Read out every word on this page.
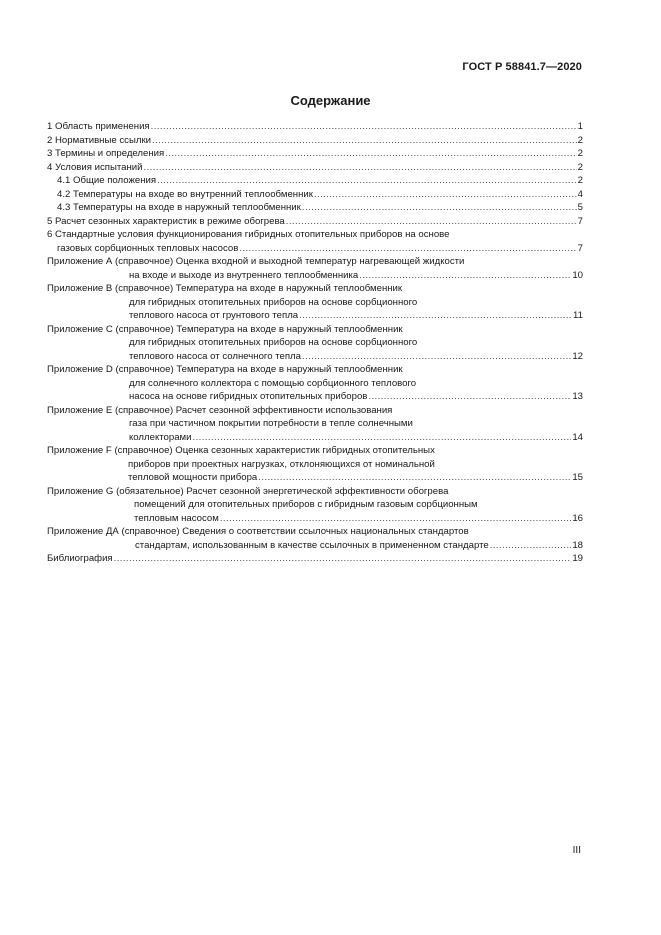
ГОСТ Р 58841.7—2020
Содержание
1 Область применения .....	1
2 Нормативные ссылки .....	2
3 Термины и определения .....	2
4 Условия испытаний .....	2
4.1 Общие положения .....	2
4.2 Температуры на входе во внутренний теплообменник .....	4
4.3 Температуры на входе в наружный теплообменник .....	5
5 Расчет сезонных характеристик в режиме обогрева .....	7
6 Стандартные условия функционирования гибридных отопительных приборов на основе
газовых сорбционных тепловых насосов .....	7
Приложение А (справочное) Оценка входной и выходной температур нагревающей жидкости
на входе и выходе из внутреннего теплообменника .....	10
Приложение В (справочное) Температура на входе в наружный теплообменник
для гибридных отопительных приборов на основе сорбционного
теплового насоса от грунтового тепла .....	11
Приложение С (справочное) Температура на входе в наружный теплообменник
для гибридных отопительных приборов на основе сорбционного
теплового насоса от солнечного тепла .....	12
Приложение D (справочное) Температура на входе в наружный теплообменник
для солнечного коллектора с помощью сорбционного теплового
насоса на основе гибридных отопительных приборов .....	13
Приложение Е (справочное) Расчет сезонной эффективности использования
газа при частичном покрытии потребности в тепле солнечными
коллекторами .....	14
Приложение F (справочное) Оценка сезонных характеристик гибридных отопительных
приборов при проектных нагрузках, отклоняющихся от номинальной
тепловой мощности прибора .....	15
Приложение G (обязательное) Расчет сезонной энергетической эффективности обогрева
помещений для отопительных приборов с гибридным газовым сорбционным
тепловым насосом .....	16
Приложение ДА (справочное) Сведения о соответствии ссылочных национальных стандартов
стандартам, использованным в качестве ссылочных в примененном стандарте .....	18
Библиография .....	19
III
